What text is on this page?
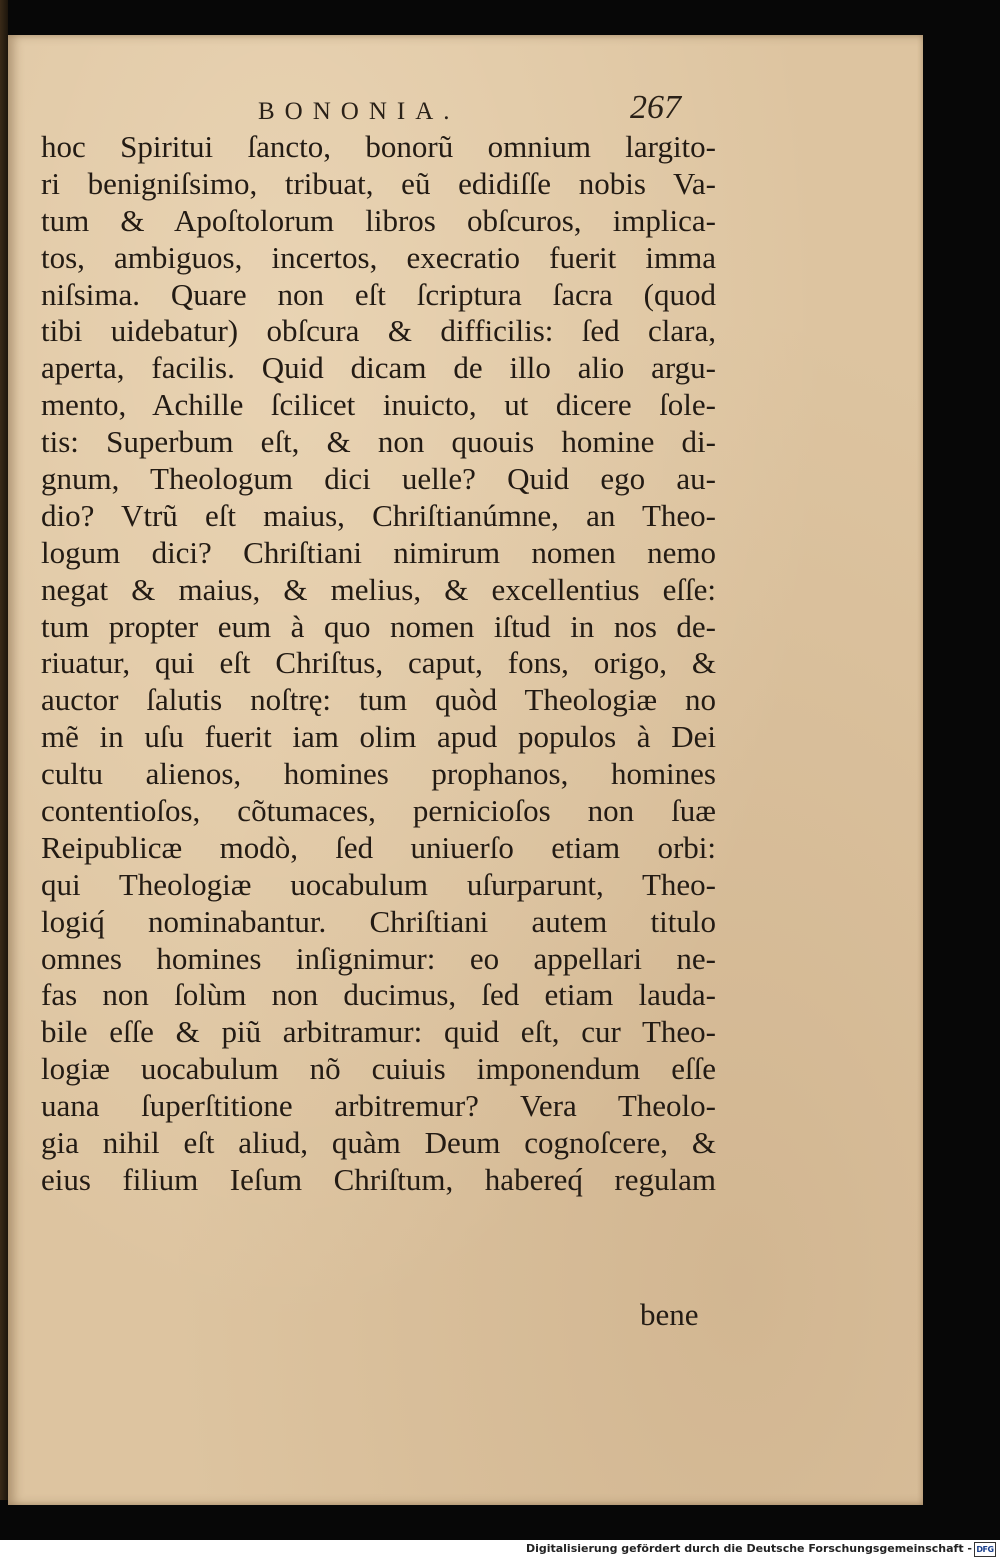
BONONIA.	267
hoc Spiritui ſancto, bonorũ omnium largito-
ri benigniſsimo, tribuat, eũ edidiſſe nobis Va-
tum & Apoſtolorum libros obſcuros, implica-
tos, ambiguos, incertos, execratio fuerit imma
niſsima. Quare non eſt ſcriptura ſacra (quod
tibi uidebatur) obſcura & difficilis: ſed clara,
aperta, facilis. Quid dicam de illo alio argu-
mento, Achille ſcilicet inuicto, ut dicere ſole-
tis: Superbum eſt, & non quouis homine di-
gnum, Theologum dici uelle? Quid ego au-
dio? Vtrũ eſt maius, Chriſtianúmne, an Theo-
logum dici? Chriſtiani nimirum nomen nemo
negat & maius, & melius, & excellentius eſſe:
tum propter eum à quo nomen iſtud in nos de-
riuatur, qui eſt Chriſtus, caput, fons, origo, &
auctor ſalutis noſtrę: tum quòd Theologiæ no
mẽ in uſu fuerit iam olim apud populos à Dei
cultu alienos, homines prophanos, homines
contentioſos, cõtumaces, pernicioſos non ſuæ
Reipublicæ modò, ſed uniuerſo etiam orbi:
qui Theologiæ uocabulum uſurparunt, Theo-
logiq́ nominabantur. Chriſtiani autem titulo
omnes homines inſignimur: eo appellari ne-
fas non ſolùm non ducimus, ſed etiam lauda-
bile eſſe & piũ arbitramur: quid eſt, cur Theo-
logiæ uocabulum nõ cuiuis imponendum eſſe
uana ſuperſtitione arbitremur? Vera Theolo-
gia nihil eſt aliud, quàm Deum cognoſcere, &
eius filium Ieſum Chriſtum, habereq́ regulam
bene
Digitalisierung gefördert durch die Deutsche Forschungsgemeinschaft - DFG
